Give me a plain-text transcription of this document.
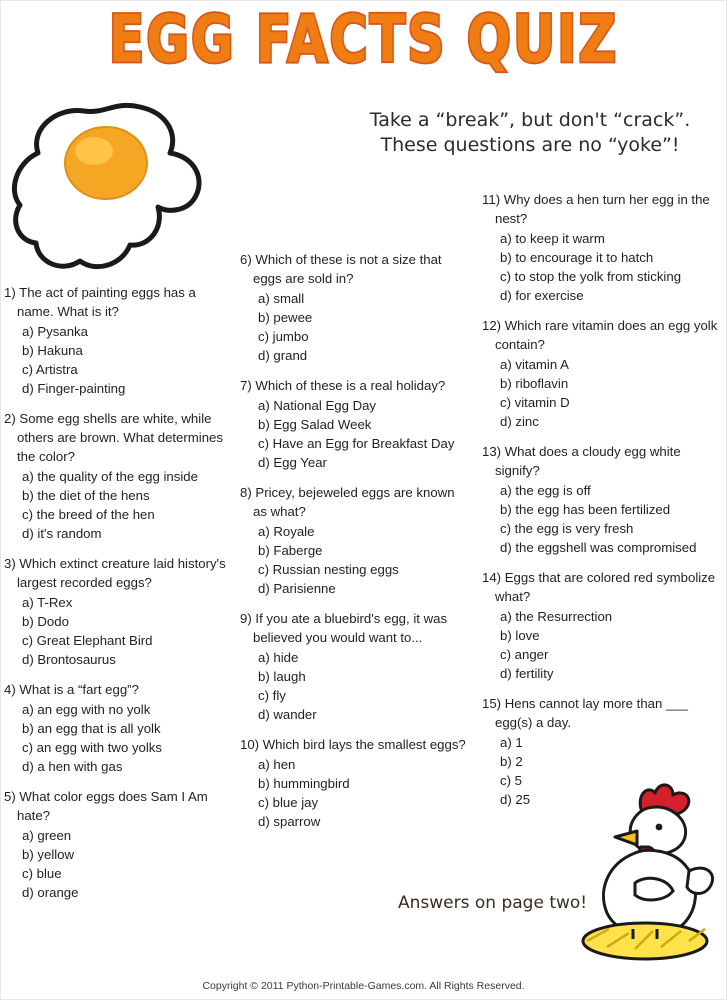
EGG FACTS QUIZ
Take a “break”, but don't “crack”. These questions are no “yoke”!
1) The act of painting eggs has a name. What is it?
a) Pysanka
b) Hakuna
c) Artistra
d) Finger-painting
2) Some egg shells are white, while others are brown. What determines the color?
a) the quality of the egg inside
b) the diet of the hens
c) the breed of the hen
d) it's random
3) Which extinct creature laid history's largest recorded eggs?
a) T-Rex
b) Dodo
c) Great Elephant Bird
d) Brontosaurus
4) What is a “fart egg”?
a) an egg with no yolk
b) an egg that is all yolk
c) an egg with two yolks
d) a hen with gas
5) What color eggs does Sam I Am hate?
a) green
b) yellow
c) blue
d) orange
6) Which of these is not a size that eggs are sold in?
a) small
b) pewee
c) jumbo
d) grand
7) Which of these is a real holiday?
a) National Egg Day
b) Egg Salad Week
c) Have an Egg for Breakfast Day
d) Egg Year
8) Pricey, bejeweled eggs are known as what?
a) Royale
b) Faberge
c) Russian nesting eggs
d) Parisienne
9) If you ate a bluebird's egg, it was believed you would want to...
a) hide
b) laugh
c) fly
d) wander
10) Which bird lays the smallest eggs?
a) hen
b) hummingbird
c) blue jay
d) sparrow
11) Why does a hen turn her egg in the nest?
a) to keep it warm
b) to encourage it to hatch
c) to stop the yolk from sticking
d) for exercise
12) Which rare vitamin does an egg yolk contain?
a) vitamin A
b) riboflavin
c) vitamin D
d) zinc
13) What does a cloudy egg white signify?
a) the egg is off
b) the egg has been fertilized
c) the egg is very fresh
d) the eggshell was compromised
14) Eggs that are colored red symbolize what?
a) the Resurrection
b) love
c) anger
d) fertility
15) Hens cannot lay more than ___ egg(s) a day.
a) 1
b) 2
c) 5
d) 25
Answers on page two!
Copyright © 2011 Python-Printable-Games.com. All Rights Reserved.
